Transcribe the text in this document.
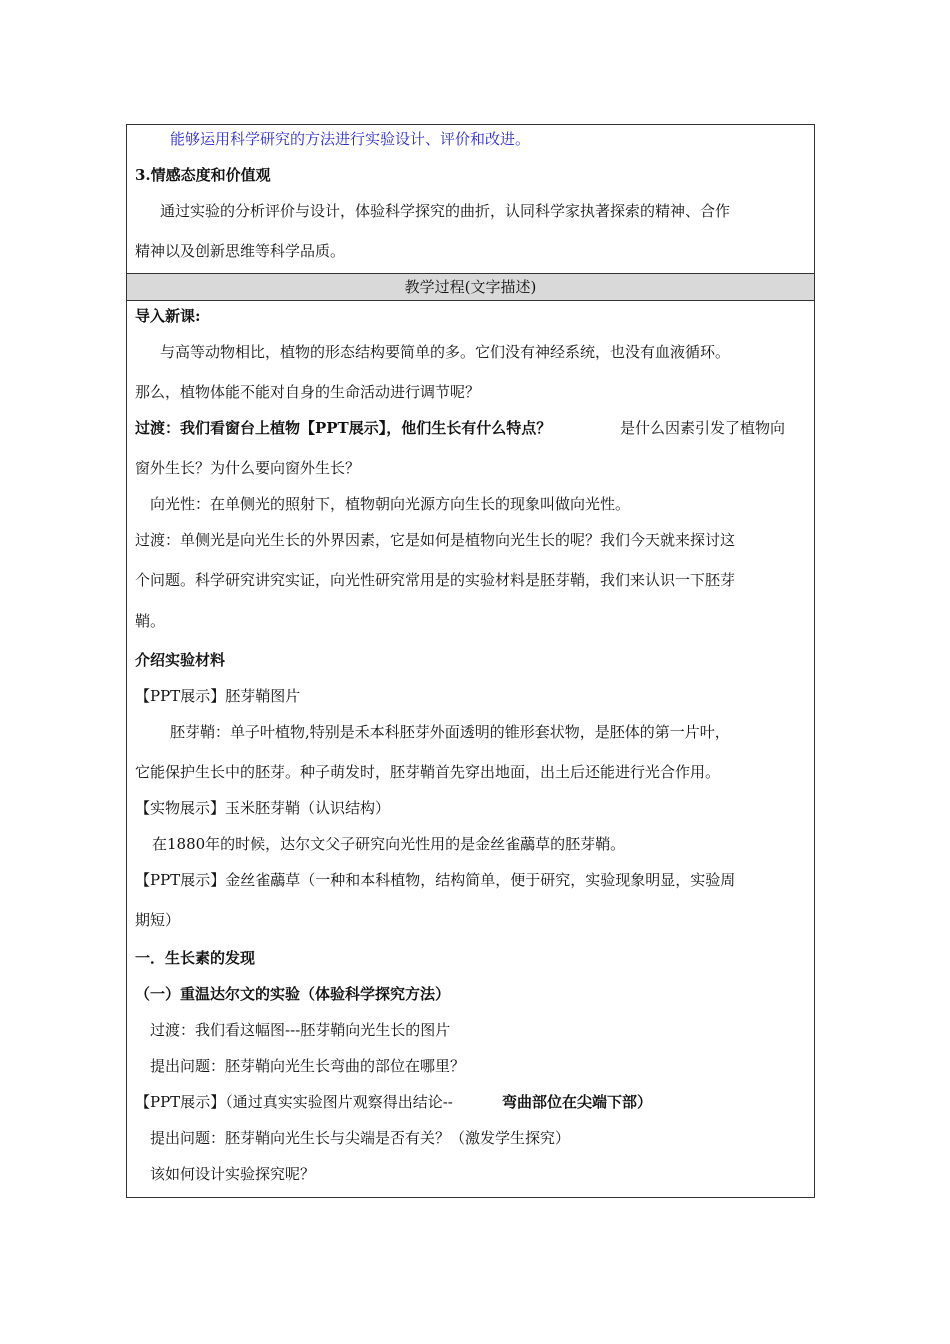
能够运用科学研究的方法进行实验设计、评价和改进。
3.情感态度和价值观
通过实验的分析评价与设计，体验科学探究的曲折，认同科学家执著探索的精神、合作
精神以及创新思维等科学品质。
教学过程(文字描述)
导入新课:
与高等动物相比，植物的形态结构要简单的多。它们没有神经系统，也没有血液循环。
那么，植物体能不能对自身的生命活动进行调节呢？
过渡：我们看窗台上植物【PPT展示】，他们生长有什么特点？	是什么因素引发了植物向
窗外生长？为什么要向窗外生长？
向光性：在单侧光的照射下，植物朝向光源方向生长的现象叫做向光性。
过渡：单侧光是向光生长的外界因素，它是如何是植物向光生长的呢？我们今天就来探讨这
个问题。科学研究讲究实证，向光性研究常用是的实验材料是胚芽鞘，我们来认识一下胚芽
鞘。
介绍实验材料
【PPT展示】胚芽鞘图片
胚芽鞘：单子叶植物,特别是禾本科胚芽外面透明的锥形套状物，是胚体的第一片叶，
它能保护生长中的胚芽。种子萌发时，胚芽鞘首先穿出地面，出土后还能进行光合作用。
【实物展示】玉米胚芽鞘（认识结构）
在1880年的时候，达尔文父子研究向光性用的是金丝雀虉草的胚芽鞘。
【PPT展示】金丝雀虉草（一种和本科植物，结构简单，便于研究，实验现象明显，实验周
期短）
一．生长素的发现
（一）重温达尔文的实验（体验科学探究方法）
过渡：我们看这幅图---胚芽鞘向光生长的图片
提出问题：胚芽鞘向光生长弯曲的部位在哪里？
【PPT展示】（通过真实实验图片观察得出结论--	弯曲部位在尖端下部）
提出问题：胚芽鞘向光生长与尖端是否有关？（激发学生探究）
该如何设计实验探究呢？
